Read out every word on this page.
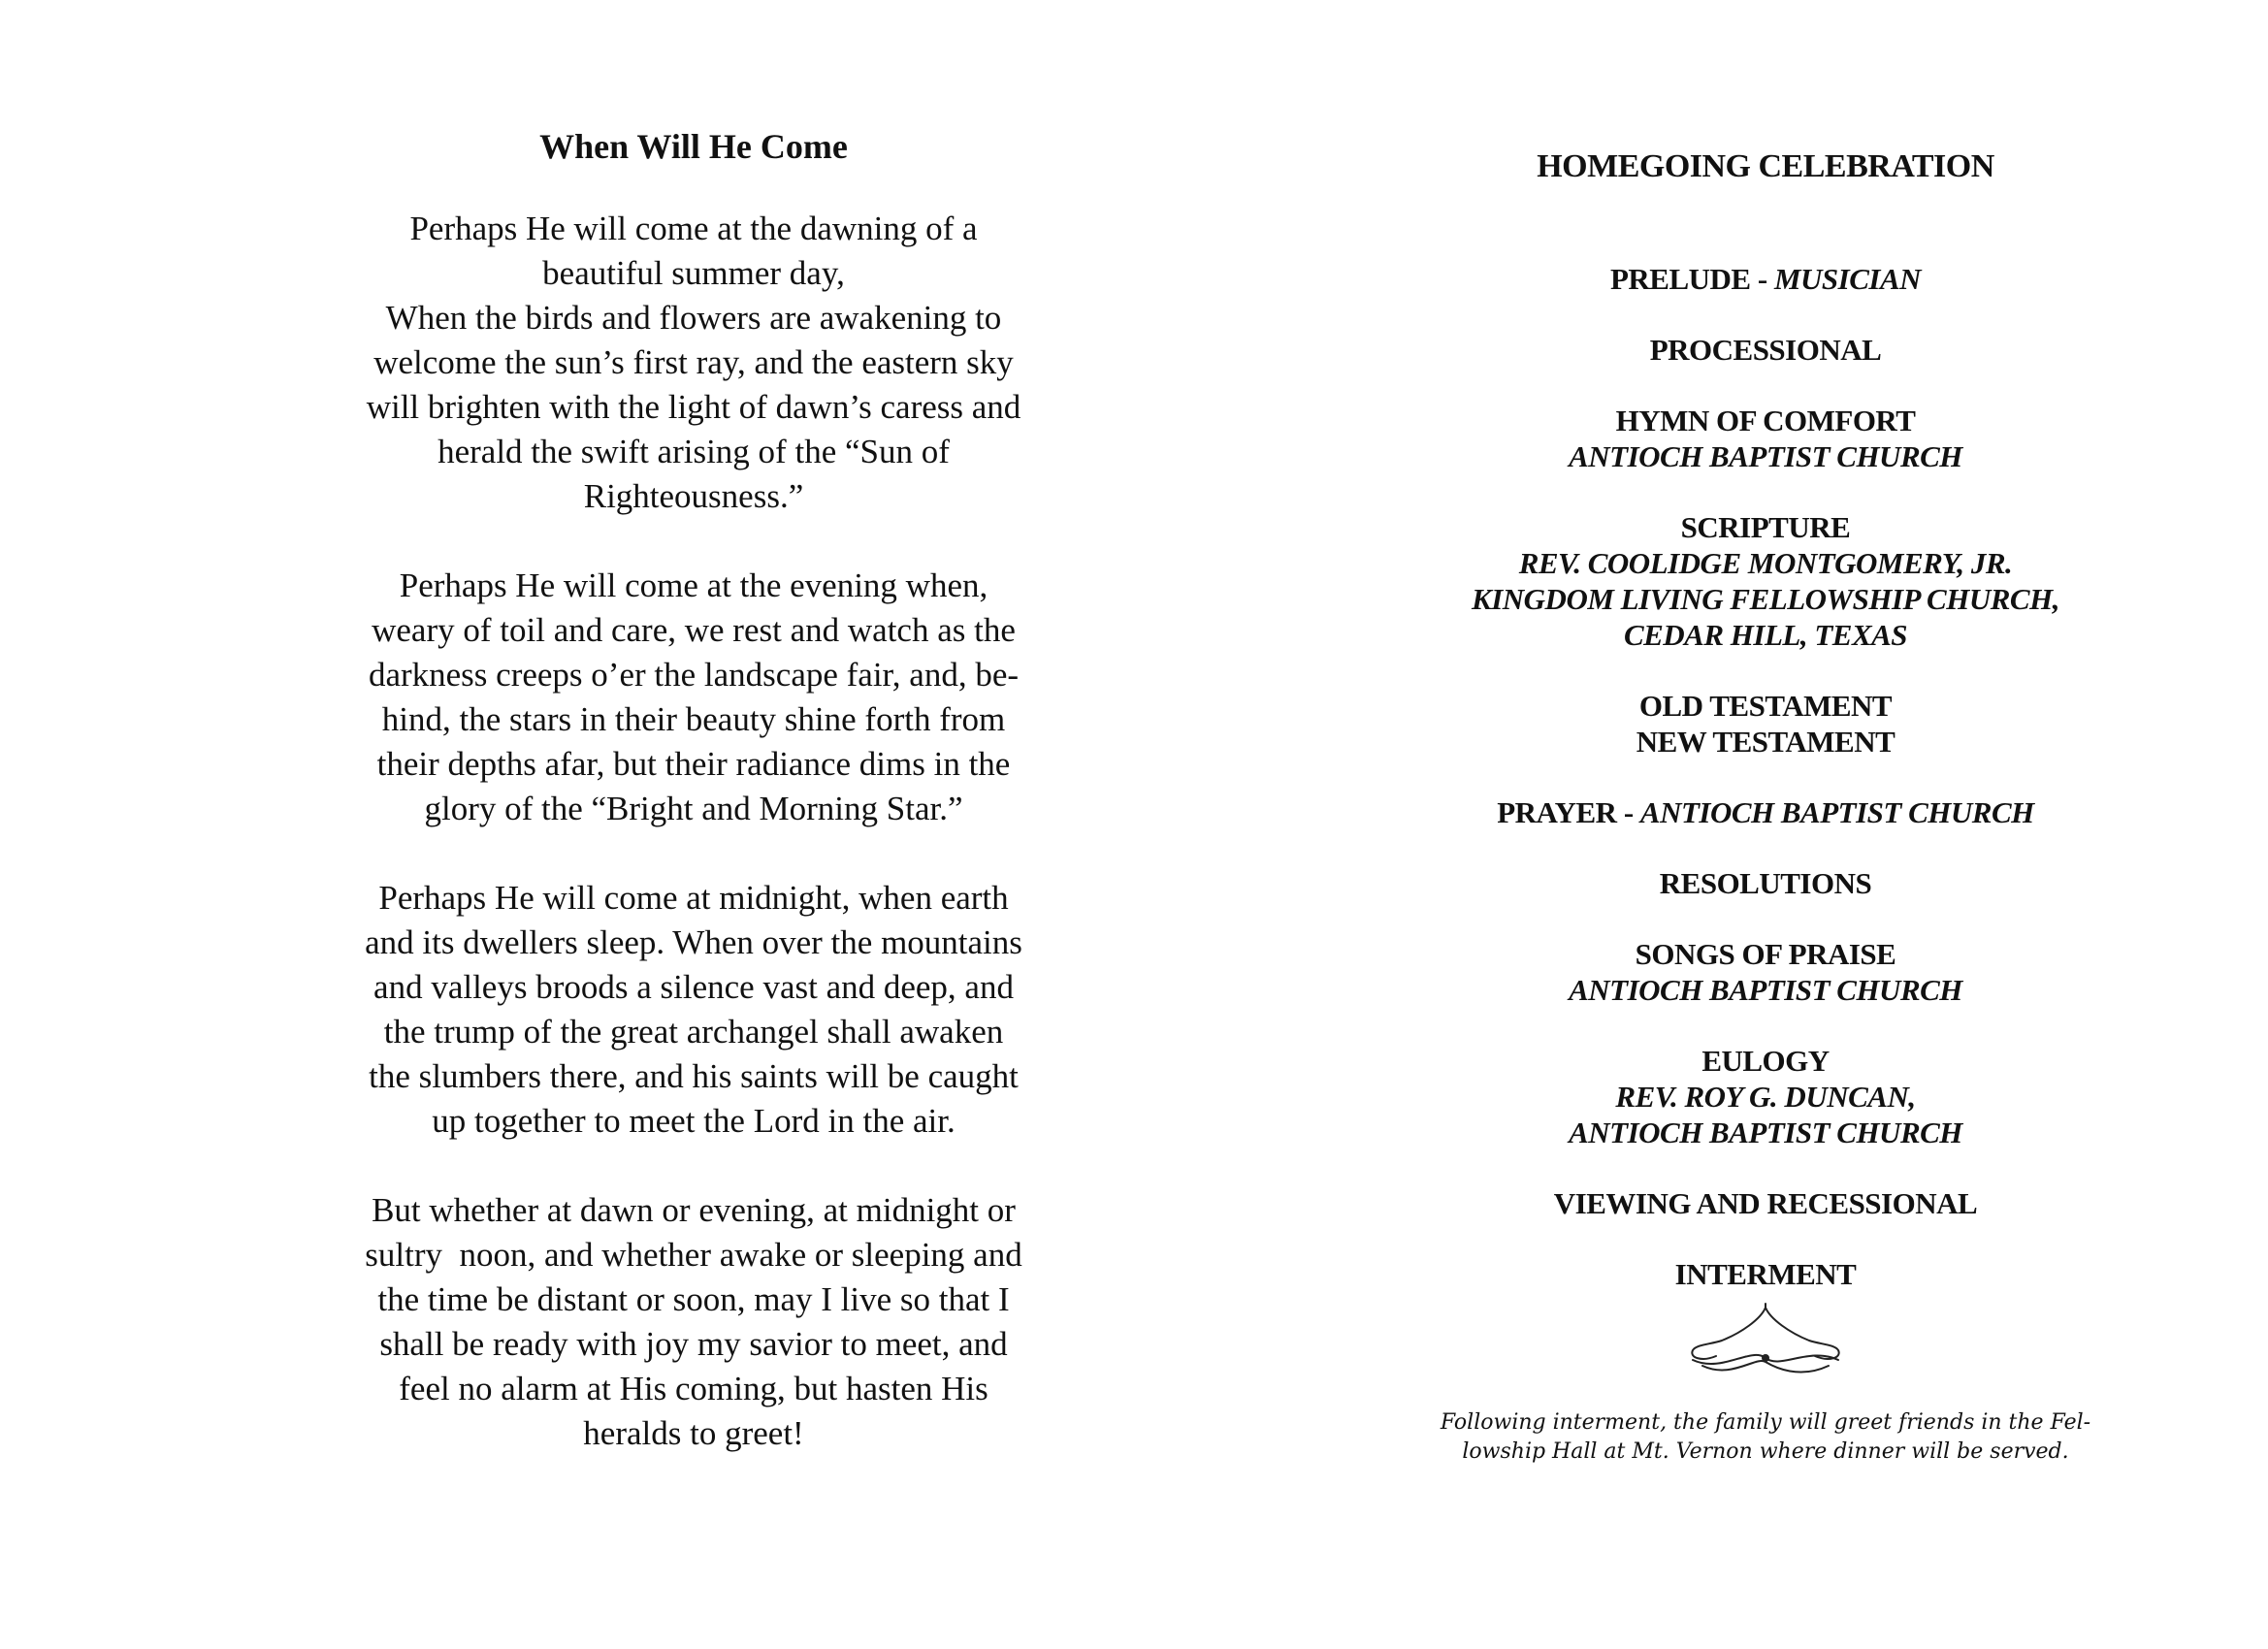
When Will He Come
Perhaps He will come at the dawning of a
beautiful summer day,
When the birds and flowers are awakening to
welcome the sun’s first ray, and the eastern sky
will brighten with the light of dawn’s caress and
herald the swift arising of the “Sun of
Righteousness.”
Perhaps He will come at the evening when,
weary of toil and care, we rest and watch as the
darkness creeps o’er the landscape fair, and, be-
hind, the stars in their beauty shine forth from
their depths afar, but their radiance dims in the
glory of the “Bright and Morning Star.”
Perhaps He will come at midnight, when earth
and its dwellers sleep. When over the mountains
and valleys broods a silence vast and deep, and
the trump of the great archangel shall awaken
the slumbers there, and his saints will be caught
up together to meet the Lord in the air.
But whether at dawn or evening, at midnight or
sultry  noon, and whether awake or sleeping and
the time be distant or soon, may I live so that I
shall be ready with joy my savior to meet, and
feel no alarm at His coming, but hasten His
heralds to greet!
HOMEGOING CELEBRATION
PRELUDE - MUSICIAN
PROCESSIONAL
HYMN OF COMFORT
ANTIOCH BAPTIST CHURCH
SCRIPTURE
REV. COOLIDGE MONTGOMERY, JR.
KINGDOM LIVING FELLOWSHIP CHURCH,
CEDAR HILL, TEXAS
OLD TESTAMENT
NEW TESTAMENT
PRAYER - ANTIOCH BAPTIST CHURCH
RESOLUTIONS
SONGS OF PRAISE
ANTIOCH BAPTIST CHURCH
EULOGY
REV. ROY G. DUNCAN,
ANTIOCH BAPTIST CHURCH
VIEWING AND RECESSIONAL
INTERMENT
Following interment, the family will greet friends in the Fel-
lowship Hall at Mt. Vernon where dinner will be served.
